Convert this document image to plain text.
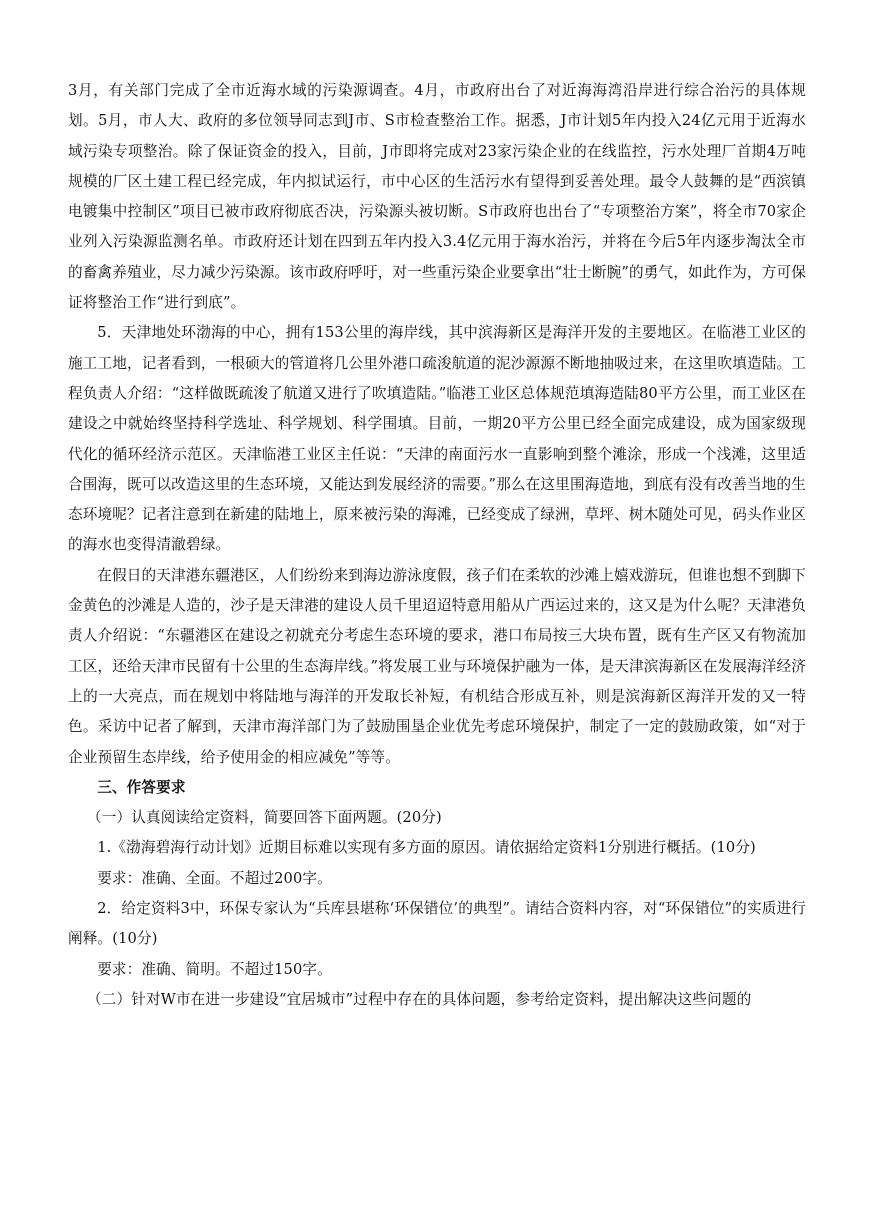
3月，有关部门完成了全市近海水域的污染源调查。4月，市政府出台了对近海海湾沿岸进行综合治污的具体规划。5月，市人大、政府的多位领导同志到J市、S市检查整治工作。据悉，J市计划5年内投入24亿元用于近海水域污染专项整治。除了保证资金的投入，目前，J市即将完成对23家污染企业的在线监控，污水处理厂首期4万吨规模的厂区土建工程已经完成，年内拟试运行，市中心区的生活污水有望得到妥善处理。最令人鼓舞的是“西滨镇电镀集中控制区”项目已被市政府彻底否决，污染源头被切断。S市政府也出台了“专项整治方案”，将全市70家企业列入污染源监测名单。市政府还计划在四到五年内投入3.4亿元用于海水治污，并将在今后5年内逐步淘汰全市的畜禽养殖业，尽力减少污染源。该市政府呼吁，对一些重污染企业要拿出“壮士断腕”的勇气，如此作为，方可保证将整治工作“进行到底”。

5．天津地处环渤海的中心，拥有153公里的海岸线，其中滨海新区是海洋开发的主要地区。在临港工业区的施工工地，记者看到，一根硕大的管道将几公里外港口疏浚航道的泥沙源源不断地抽吸过来，在这里吹填造陆。工程负责人介绍：“这样做既疏浚了航道又进行了吹填造陆。”临港工业区总体规范填海造陆80平方公里，而工业区在建设之中就始终坚持科学选址、科学规划、科学围填。目前，一期20平方公里已经全面完成建设，成为国家级现代化的循环经济示范区。天津临港工业区主任说：“天津的南面污水一直影响到整个滩涂，形成一个浅滩，这里适合围海，既可以改造这里的生态环境，又能达到发展经济的需要。”那么在这里围海造地，到底有没有改善当地的生态环境呢？记者注意到在新建的陆地上，原来被污染的海滩，已经变成了绿洲，草坪、树木随处可见，码头作业区的海水也变得清澈碧绿。

在假日的天津港东疆港区，人们纷纷来到海边游泳度假，孩子们在柔软的沙滩上嬉戏游玩，但谁也想不到脚下金黄色的沙滩是人造的，沙子是天津港的建设人员千里迢迢特意用船从广西运过来的，这又是为什么呢？天津港负责人介绍说：“东疆港区在建设之初就充分考虑生态环境的要求，港口布局按三大块布置，既有生产区又有物流加工区，还给天津市民留有十公里的生态海岸线。”将发展工业与环境保护融为一体，是天津滨海新区在发展海洋经济上的一大亮点，而在规划中将陆地与海洋的开发取长补短，有机结合形成互补，则是滨海新区海洋开发的又一特色。采访中记者了解到，天津市海洋部门为了鼓励围垦企业优先考虑环境保护，制定了一定的鼓励政策，如“对于企业预留生态岸线，给予使用金的相应减免”等等。

三、作答要求

（一）认真阅读给定资料，简要回答下面两题。(20分)

1.《渤海碧海行动计划》近期目标难以实现有多方面的原因。请依据给定资料1分别进行概括。(10分)

要求：准确、全面。不超过200字。

2．给定资料3中，环保专家认为“兵库县堪称‘环保错位’的典型”。请结合资料内容，对“环保错位”的实质进行阐释。(10分)

要求：准确、简明。不超过150字。

（二）针对W市在进一步建设“宜居城市”过程中存在的具体问题，参考给定资料，提出解决这些问题的
